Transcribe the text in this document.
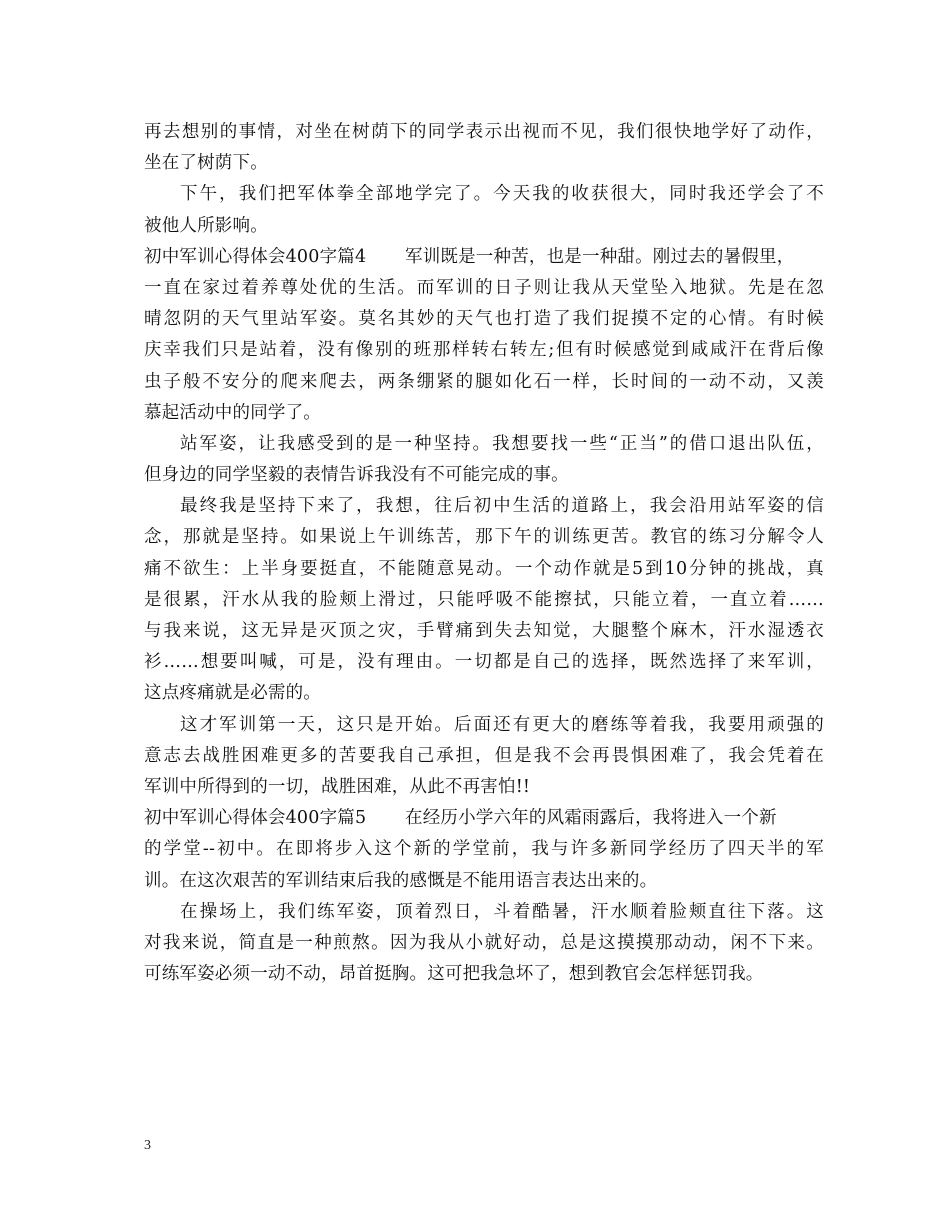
再去想别的事情，对坐在树荫下的同学表示出视而不见，我们很快地学好了动作，
坐在了树荫下。
下午，我们把军体拳全部地学完了。今天我的收获很大，同时我还学会了不
被他人所影响。
初中军训心得体会400字篇4 军训既是一种苦，也是一种甜。刚过去的暑假里，
一直在家过着养尊处优的生活。而军训的日子则让我从天堂坠入地狱。先是在忽
晴忽阴的天气里站军姿。莫名其妙的天气也打造了我们捉摸不定的心情。有时候
庆幸我们只是站着，没有像别的班那样转右转左;但有时候感觉到咸咸汗在背后像
虫子般不安分的爬来爬去，两条绷紧的腿如化石一样，长时间的一动不动，又羡
慕起活动中的同学了。
站军姿，让我感受到的是一种坚持。我想要找一些“正当”的借口退出队伍，
但身边的同学坚毅的表情告诉我没有不可能完成的事。
最终我是坚持下来了，我想，往后初中生活的道路上，我会沿用站军姿的信
念，那就是坚持。如果说上午训练苦，那下午的训练更苦。教官的练习分解令人
痛不欲生：上半身要挺直，不能随意晃动。一个动作就是5到10分钟的挑战，真
是很累，汗水从我的脸颊上滑过，只能呼吸不能擦拭，只能立着，一直立着……
与我来说，这无异是灭顶之灾，手臂痛到失去知觉，大腿整个麻木，汗水湿透衣
衫……想要叫喊，可是，没有理由。一切都是自己的选择，既然选择了来军训，
这点疼痛就是必需的。
这才军训第一天，这只是开始。后面还有更大的磨练等着我，我要用顽强的
意志去战胜困难更多的苦要我自己承担，但是我不会再畏惧困难了，我会凭着在
军训中所得到的一切，战胜困难，从此不再害怕!!
初中军训心得体会400字篇5 在经历小学六年的风霜雨露后，我将进入一个新
的学堂--初中。在即将步入这个新的学堂前，我与许多新同学经历了四天半的军
训。在这次艰苦的军训结束后我的感慨是不能用语言表达出来的。
在操场上，我们练军姿，顶着烈日，斗着酷暑，汗水顺着脸颊直往下落。这
对我来说，简直是一种煎熬。因为我从小就好动，总是这摸摸那动动，闲不下来。
可练军姿必须一动不动，昂首挺胸。这可把我急坏了，想到教官会怎样惩罚我。
3
